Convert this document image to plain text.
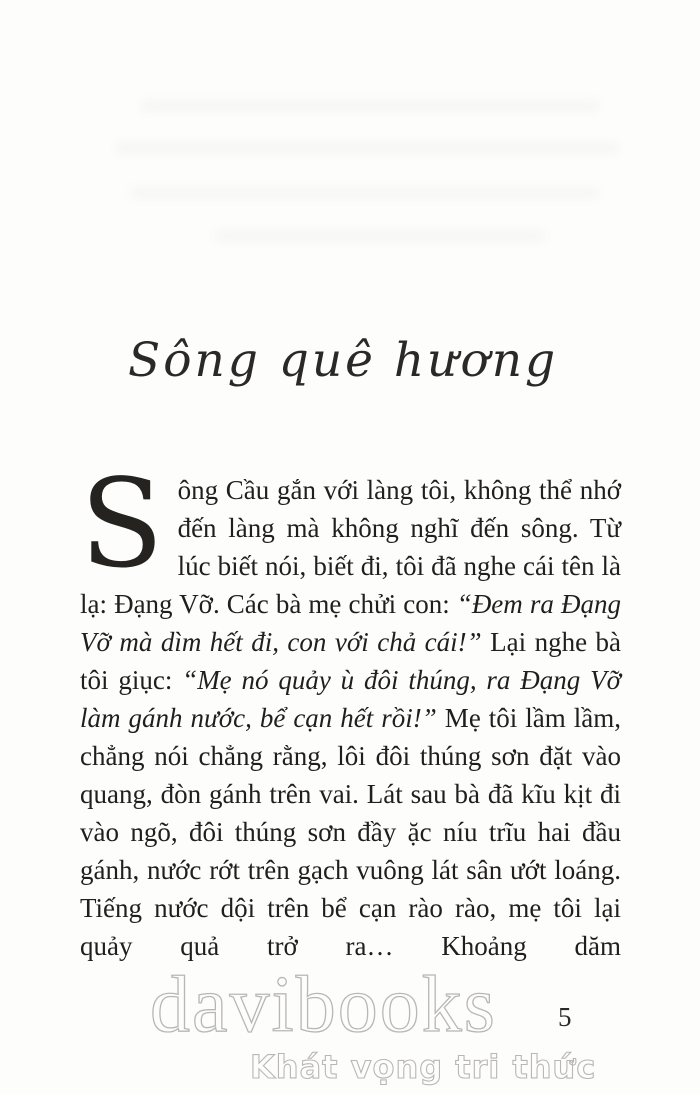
Sông quê hương
Sông Cầu gắn với làng tôi, không thể nhớ đến làng mà không nghĩ đến sông. Từ lúc biết nói, biết đi, tôi đã nghe cái tên là lạ: Đạng Vỡ. Các bà mẹ chửi con: “Đem ra Đạng Vỡ mà dìm hết đi, con với chả cái!” Lại nghe bà tôi giục: “Mẹ nó quảy ù đôi thúng, ra Đạng Vỡ làm gánh nước, bể cạn hết rồi!” Mẹ tôi lầm lầm, chẳng nói chẳng rằng, lôi đôi thúng sơn đặt vào quang, đòn gánh trên vai. Lát sau bà đã kĩu kịt đi vào ngõ, đôi thúng sơn đầy ặc níu trĩu hai đầu gánh, nước rớt trên gạch vuông lát sân ướt loáng. Tiếng nước dội trên bể cạn rào rào, mẹ tôi lại quảy quả trở ra… Khoảng dăm
davibooks
Khát vọng tri thức
5
